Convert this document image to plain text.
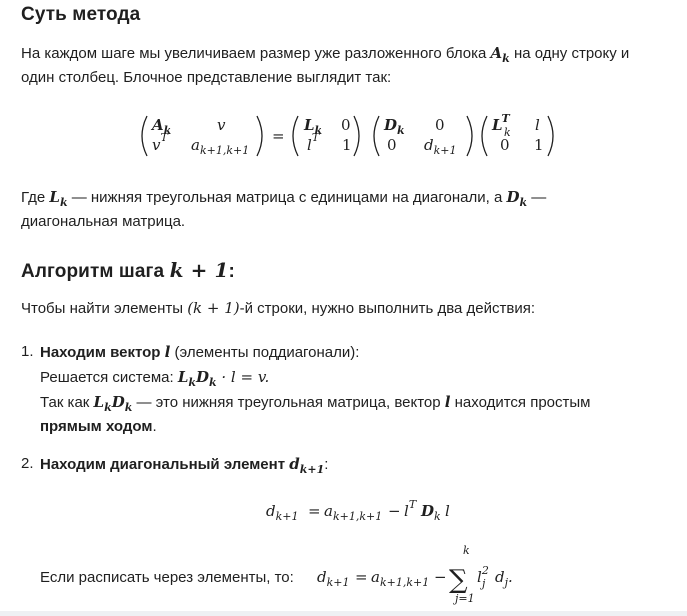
Суть метода

На каждом шаге мы увеличиваем размер уже разложенного блока $A_k$ на одну строку и один столбец. Блочное представление выглядит так:

$A_k$	v
$v^T$ $a_{k+1,k+1}$
=
$L_k$ 0
$l^T$ 1
$D_k$ 0
0 $d_{k+1}$
LT
k l
0 1

Где $L_k$ — нижняя треугольная матрица с единицами на диагонали, а $D_k$ —
диагональная матрица.

Алгоритм шага k + 1:

Чтобы найти элементы (k + 1)-й строки, нужно выполнить два действия:

1. Находим вектор l (элементы поддиагонали):
Решается система: $L_kD_k \cdot l = v$.
Так как $L_kD_k$ — это нижняя треугольная матрица, вектор l находится простым
прямым ходом.
2. Находим диагональный элемент $d_{k+1}$:
$d_{k+1} = a_{k+1,k+1} - l^T$ $D_k$ l
Если расписать через элементы, то:	$d_{k+1} = a_{k+1,k+1}$ −
k
∑
j=1
$l^2$
j $d_j$.
